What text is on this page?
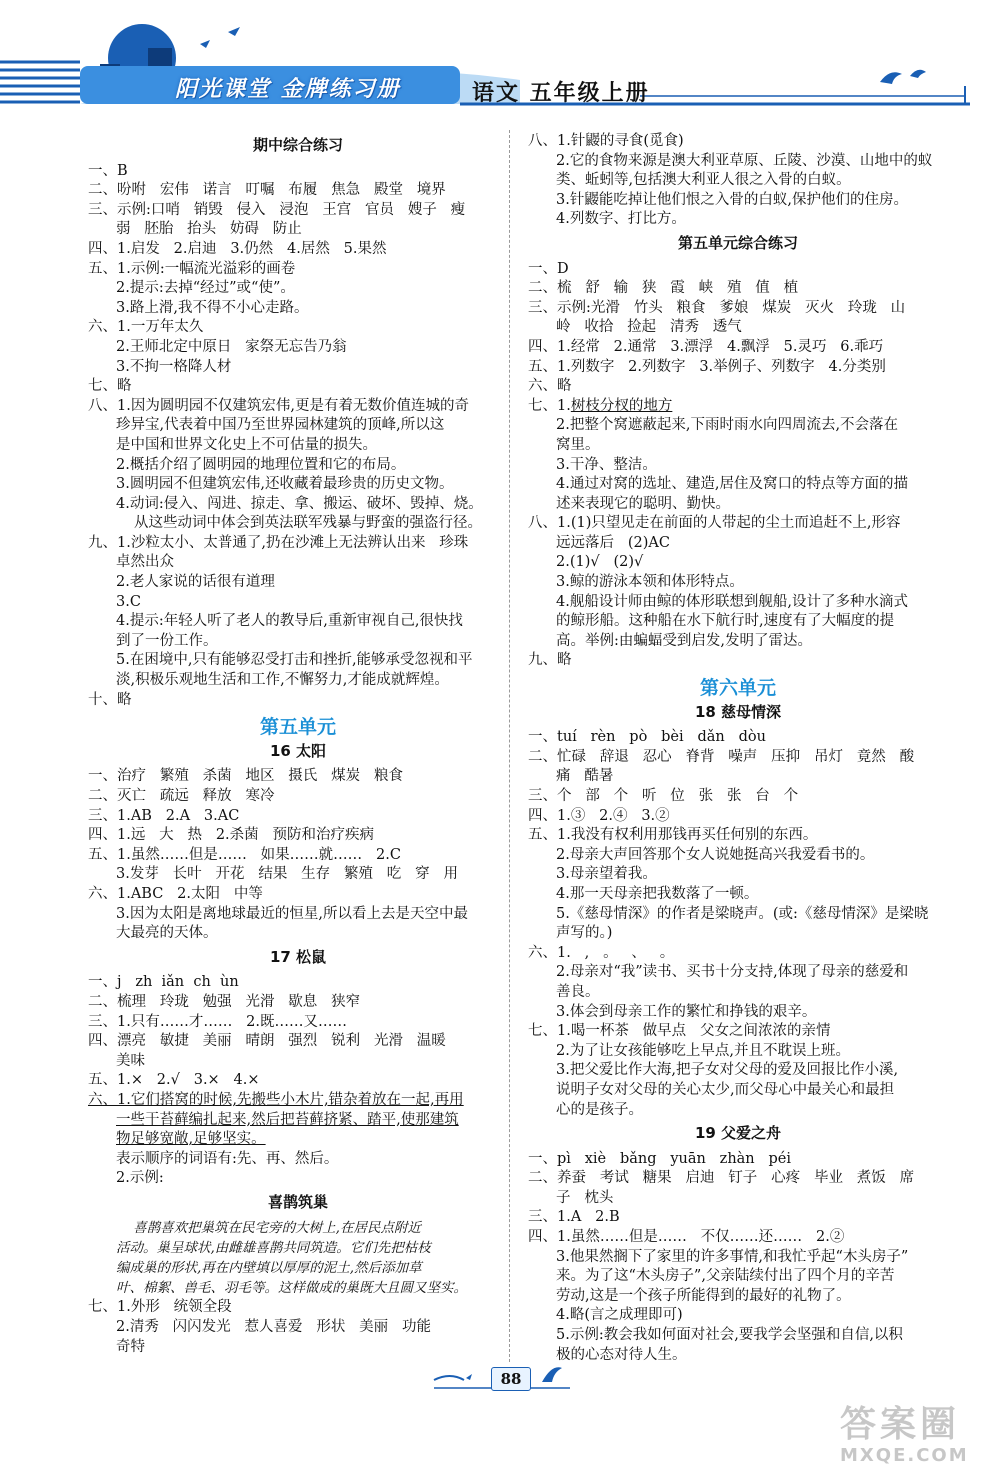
阳光课堂 金牌练习册	语文 五年级上册
期中综合练习
一、B
二、吩咐   宏伟   诺言   叮嘱   布履   焦急   殿堂   境界
三、示例:口哨   销毁   侵入   浸泡   王宫   官员   嫂子   瘦
弱   胚胎   抬头   妨碍   防止
四、1.启发   2.启迪   3.仍然   4.居然   5.果然
五、1.示例:一幅流光溢彩的画卷
2.提示:去掉“经过”或“使”。
3.路上滑,我不得不小心走路。
六、1.一万年太久
2.王师北定中原日   家祭无忘告乃翁
3.不拘一格降人材
七、略
八、1.因为圆明园不仅建筑宏伟,更是有着无数价值连城的奇
珍异宝,代表着中国乃至世界园林建筑的顶峰,所以这
是中国和世界文化史上不可估量的损失。
2.概括介绍了圆明园的地理位置和它的布局。
3.圆明园不但建筑宏伟,还收藏着最珍贵的历史文物。
4.动词:侵入、闯进、掠走、拿、搬运、破坏、毁掉、烧。
从这些动词中体会到英法联军残暴与野蛮的强盗行径。
九、1.沙粒太小、太普通了,扔在沙滩上无法辨认出来   珍珠
卓然出众
2.老人家说的话很有道理
3.C
4.提示:年轻人听了老人的教导后,重新审视自己,很快找
到了一份工作。
5.在困境中,只有能够忍受打击和挫折,能够承受忽视和平
淡,积极乐观地生活和工作,不懈努力,才能成就辉煌。
十、略
第五单元
16 太阳
一、治疗   繁殖   杀菌   地区   摄氏   煤炭   粮食
二、灭亡   疏远   释放   寒冷
三、1.AB   2.A   3.AC
四、1.远   大   热   2.杀菌   预防和治疗疾病
五、1.虽然……但是……   如果……就……   2.C
3.发芽   长叶   开花   结果   生存   繁殖   吃   穿   用
六、1.ABC   2.太阳   中等
3.因为太阳是离地球最近的恒星,所以看上去是天空中最
大最亮的天体。
17 松鼠
一、j   zh  iǎn  ch  ùn
二、梳理   玲珑   勉强   光滑   歇息   狭窄
三、1.只有……才……   2.既……又……
四、漂亮   敏捷   美丽   晴朗   强烈   锐利   光滑   温暖
美味
五、1.×   2.√   3.×   4.×
六、1.它们搭窝的时候,先搬些小木片,错杂着放在一起,再用
一些干苔藓编扎起来,然后把苔藓挤紧、踏平,使那建筑
物足够宽敞,足够坚实。
表示顺序的词语有:先、再、然后。
2.示例:
喜鹊筑巢
喜鹊喜欢把巢筑在民宅旁的大树上,在居民点附近
活动。巢呈球状,由雌雄喜鹊共同筑造。它们先把枯枝
编成巢的形状,再在内壁填以厚厚的泥土,然后添加草
叶、棉絮、兽毛、羽毛等。这样做成的巢既大且圆又坚实。
七、1.外形   统领全段
2.清秀   闪闪发光   惹人喜爱   形状   美丽   功能
奇特
八、1.针鼹的寻食(觅食)
2.它的食物来源是澳大利亚草原、丘陵、沙漠、山地中的蚁
类、蚯蚓等,包括澳大利亚人很之入骨的白蚁。
3.针鼹能吃掉让他们恨之入骨的白蚁,保护他们的住房。
4.列数字、打比方。
第五单元综合练习
一、D
二、梳   舒   输   狭   霞   峡   殖   值   植
三、示例:光滑   竹头   粮食   爹娘   煤炭   灭火   玲珑   山
岭   收拾   捡起   清秀   透气
四、1.经常   2.通常   3.漂浮   4.飘浮   5.灵巧   6.乖巧
五、1.列数字   2.列数字   3.举例子、列数字   4.分类别
六、略
七、1.树枝分杈的地方
2.把整个窝遮蔽起来,下雨时雨水向四周流去,不会落在
窝里。
3.干净、整洁。
4.通过对窝的选址、建造,居住及窝口的特点等方面的描
述来表现它的聪明、勤快。
八、1.(1)只望见走在前面的人带起的尘土而追赶不上,形容
远远落后   (2)AC
2.(1)√   (2)√
3.鲸的游泳本领和体形特点。
4.舰船设计师由鲸的体形联想到舰船,设计了多种水滴式
的鲸形船。这种船在水下航行时,速度有了大幅度的提
高。举例:由蝙蝠受到启发,发明了雷达。
九、略
第六单元
18 慈母情深
一、tuí   rèn   pò   bèi   dǎn   dòu
二、忙碌   辞退   忍心   脊背   噪声   压抑   吊灯   竟然   酸
痛   酷暑
三、个   部   个   听   位   张   张   台   个
四、1.③   2.④   3.②
五、1.我没有权利用那钱再买任何别的东西。
2.母亲大声回答那个女人说她挺高兴我爱看书的。
3.母亲望着我。
4.那一天母亲把我数落了一顿。
5.《慈母情深》的作者是梁晓声。(或:《慈母情深》是梁晓
声写的。)
六、1.   ,   。   、   。
2.母亲对“我”读书、买书十分支持,体现了母亲的慈爱和
善良。
3.体会到母亲工作的繁忙和挣钱的艰辛。
七、1.喝一杯茶   做早点   父女之间浓浓的亲情
2.为了让女孩能够吃上早点,并且不耽误上班。
3.把父爱比作大海,把子女对父母的爱及回报比作小溪,
说明子女对父母的关心太少,而父母心中最关心和最担
心的是孩子。
19 父爱之舟
一、pì   xiè   bǎng   yuān   zhàn   péi
二、养蚕   考试   糖果   启迪   钉子   心疼   毕业   煮饭   席
子   枕头
三、1.A   2.B
四、1.虽然……但是……   不仅……还……   2.②
3.他果然搁下了家里的许多事情,和我忙乎起“木头房子”
来。为了这“木头房子”,父亲陆续付出了四个月的辛苦
劳动,这是一个孩子所能得到的最好的礼物了。
4.略(言之成理即可)
5.示例:教会我如何面对社会,要我学会坚强和自信,以积
极的心态对待人生。
88
答案圈
MXQE.COM
